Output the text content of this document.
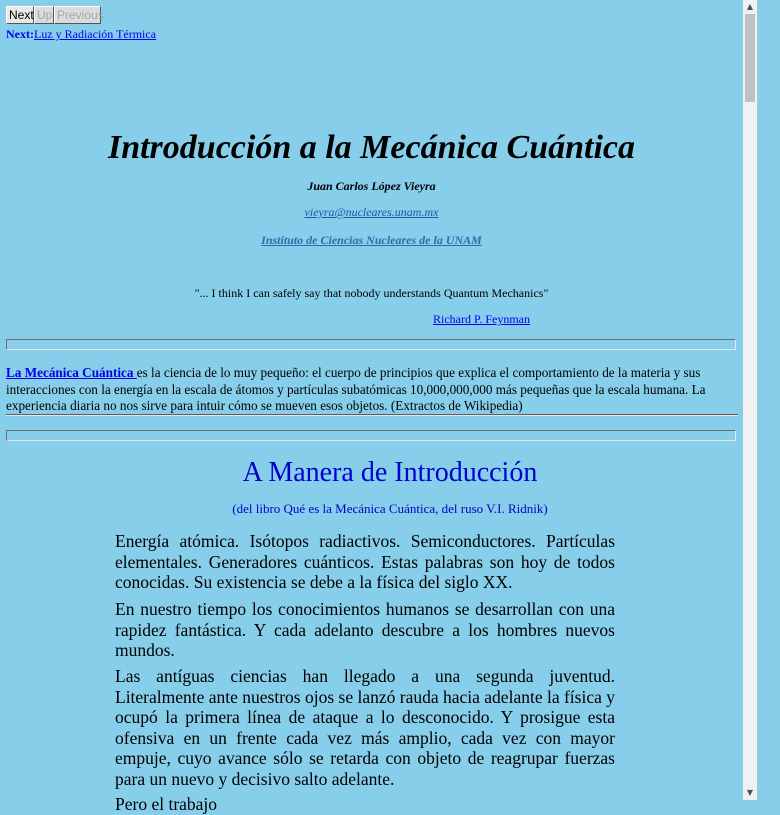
Next Up Previous
Next:Luz y Radiación Térmica
Introducción a la Mecánica Cuántica
Juan Carlos López Vieyra
vieyra@nucleares.unam.mx
Instituto de Ciencias Nucleares de la UNAM
"... I think I can safely say that nobody understands Quantum Mechanics"
Richard P. Feynman
La Mecánica Cuántica es la ciencia de lo muy pequeño: el cuerpo de principios que explica el comportamiento de la materia y sus interacciones con la energía en la escala de átomos y partículas subatómicas 10,000,000,000 más pequeñas que la escala humana. La experiencia diaria no nos sirve para intuir cómo se mueven esos objetos. (Extractos de Wikipedia)
A Manera de Introducción
(del libro Qué es la Mecánica Cuántica, del ruso V.I. Ridnik)

Energía atómica. Isótopos radiactivos. Semiconductores. Partículas elementales. Generadores cuánticos. Estas palabras son hoy de todos conocidas. Su existencia se debe a la física del siglo XX.

En nuestro tiempo los conocimientos humanos se desarrollan con una rapidez fantástica. Y cada adelanto descubre a los hombres nuevos mundos.

Las antíguas ciencias han llegado a una segunda juventud. Literalmente ante nuestros ojos se lanzó rauda hacia adelante la física y ocupó la primera línea de ataque a lo desconocido. Y prosigue esta ofensiva en un frente cada vez más amplio, cada vez con mayor empuje, cuyo avance sólo se retarda con objeto de reagrupar fuerzas para un nuevo y decisivo salto adelante.

Pero el trabajo

▲
▼
